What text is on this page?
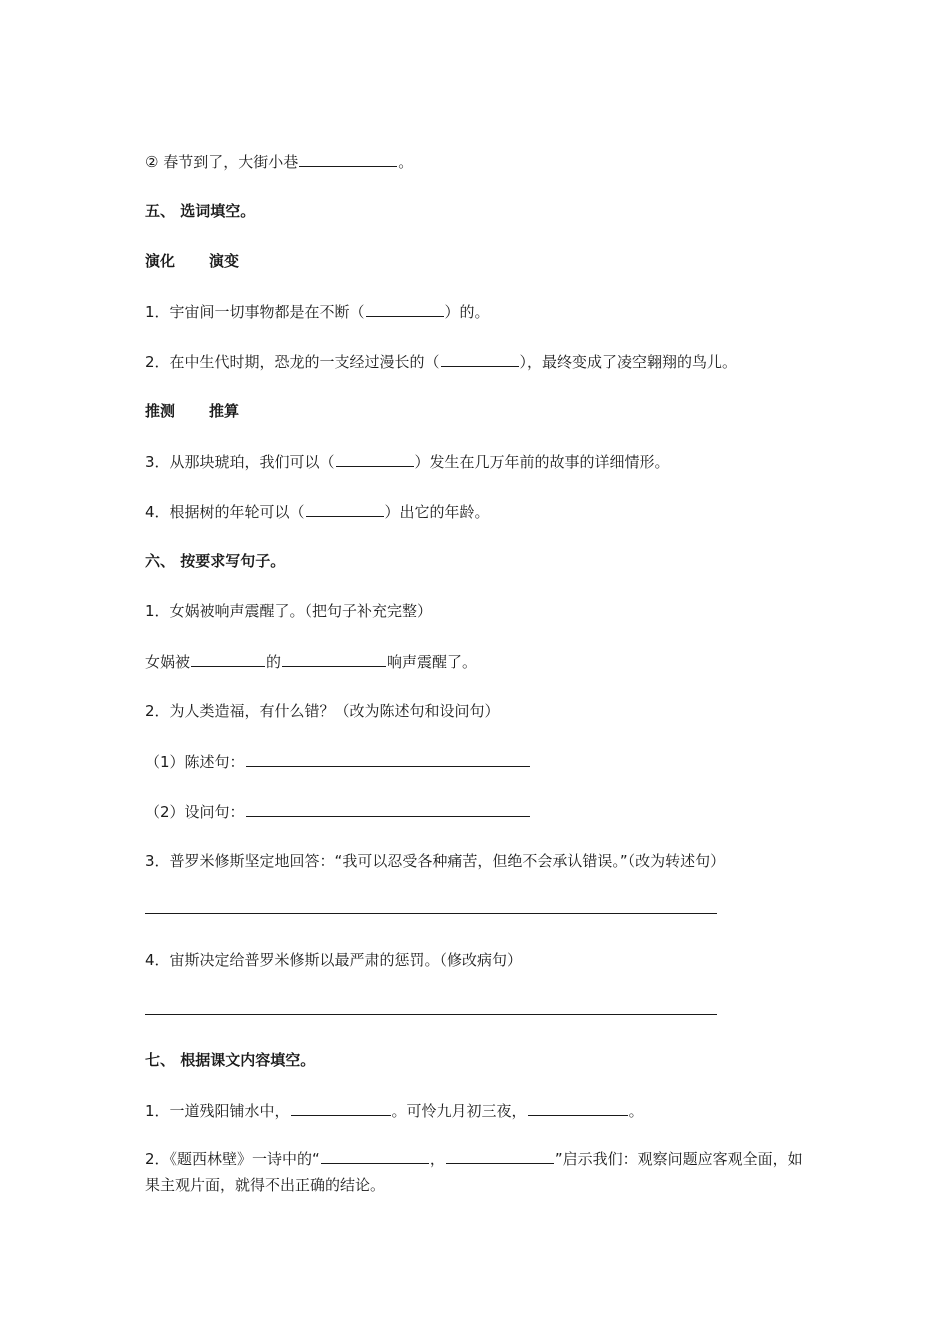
② 春节到了，大街小巷	。
五、 选词填空。
演化 演变
1．宇宙间一切事物都是在不断（	）的。
2．在中生代时期，恐龙的一支经过漫长的（	），最终变成了凌空翱翔的鸟儿。
推测 推算
3．从那块琥珀，我们可以（	）发生在几万年前的故事的详细情形。
4．根据树的年轮可以（	）出它的年龄。
六、 按要求写句子。
1．女娲被响声震醒了。（把句子补充完整）
女娲被	的	响声震醒了。
2．为人类造福，有什么错？（改为陈述句和设问句）
（1）陈述句：
（2）设问句：
3．普罗米修斯坚定地回答：“我可以忍受各种痛苦，但绝不会承认错误。”（改为转述句）
4．宙斯决定给普罗米修斯以最严肃的惩罚。（修改病句）
七、 根据课文内容填空。
1．一道残阳铺水中，	。可怜九月初三夜，	。
2．《题西林壁》一诗中的“	，	”启示我们：观察问题应客观全面，如果主观片面，就得不出正确的结论。
